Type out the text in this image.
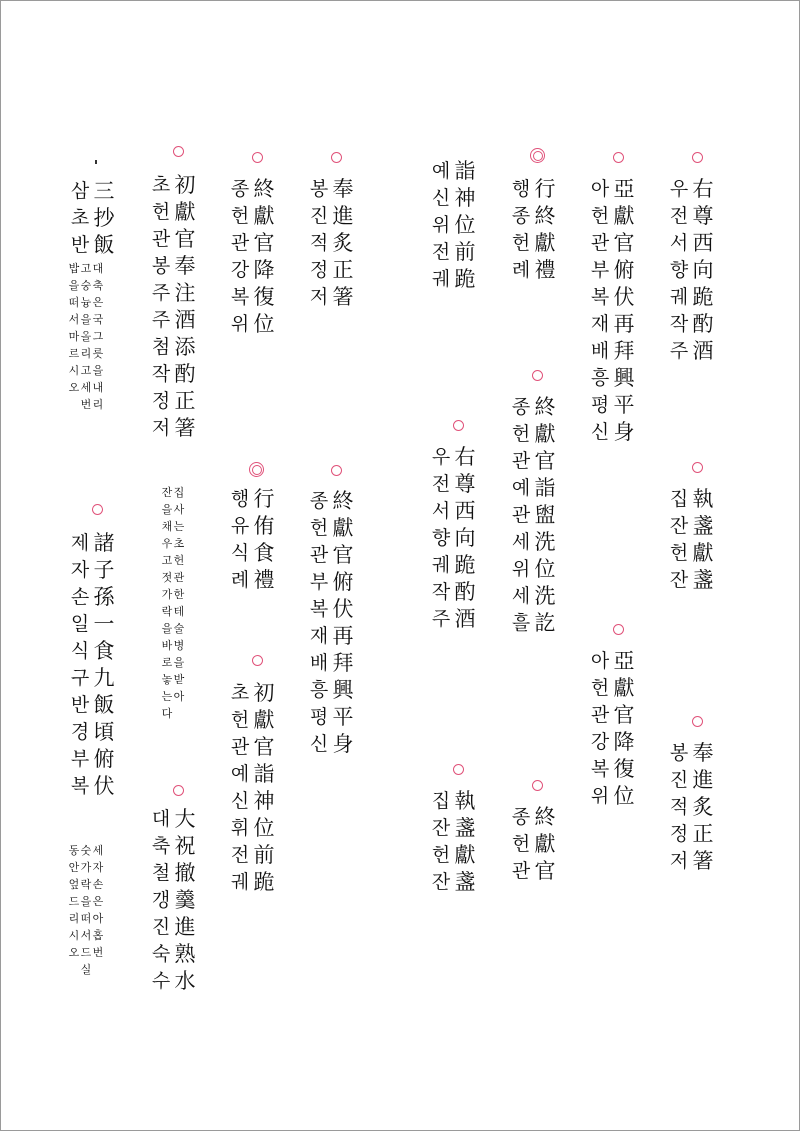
右
尊
西
向
跪
酌
酒
우
전
서
향
궤
작
주
執
盞
獻
盞
집
잔
헌
잔
奉
進
炙
正
箸
봉
진
적
정
저
亞
獻
官
俯
伏
再
拜
興
平
身
아
헌
관
부
복
재
배
흥
평
신
亞
獻
官
降
復
位
아
헌
관
강
복
위
行
終
獻
禮
행
종
헌
례
終
獻
官
詣
盥
洗
位
洗
訖
종
헌
관
예
관
세
위
세
흘
終
獻
官
종
헌
관
詣
神
位
前
跪
예
신
위
전
궤
右
尊
西
向
跪
酌
酒
우
전
서
향
궤
작
주
執
盞
獻
盞
집
잔
헌
잔
奉
進
炙
正
箸
봉
진
적
정
저
終
獻
官
俯
伏
再
拜
興
平
身
종
헌
관
부
복
재
배
흥
평
신
終
獻
官
降
復
位
종
헌
관
강
복
위
行
侑
食
禮
행
유
식
례
初
獻
官
詣
神
位
前
跪
초
헌
관
예
신
휘
전
궤
初
獻
官
奉
注
酒
添
酌
正
箸
초
헌
관
봉
주
주
첨
작
정
저
집
사
는
초
헌
관
한
테
술
병
을
받
아
잔
을
채
우
고
젓
가
락
을
바
로
놓
는
다
大
祝
撤
羹
進
熟
水
대
축
철
갱
진
숙
수
三
抄
飯
삼
초
반
대
축
은
국
그
릇
을
내
리
고
숭
늉
을
올
리
고
세
번
밥
을
떠
서
마
르
시
오
諸
子
孫
一
食
九
飯
頃
俯
伏
제
자
손
일
식
구
반
경
부
복
세
자
손
은
아
홉
번
숫
가
락
을
떠
서
드
실
동
안
엎
드
리
시
오
